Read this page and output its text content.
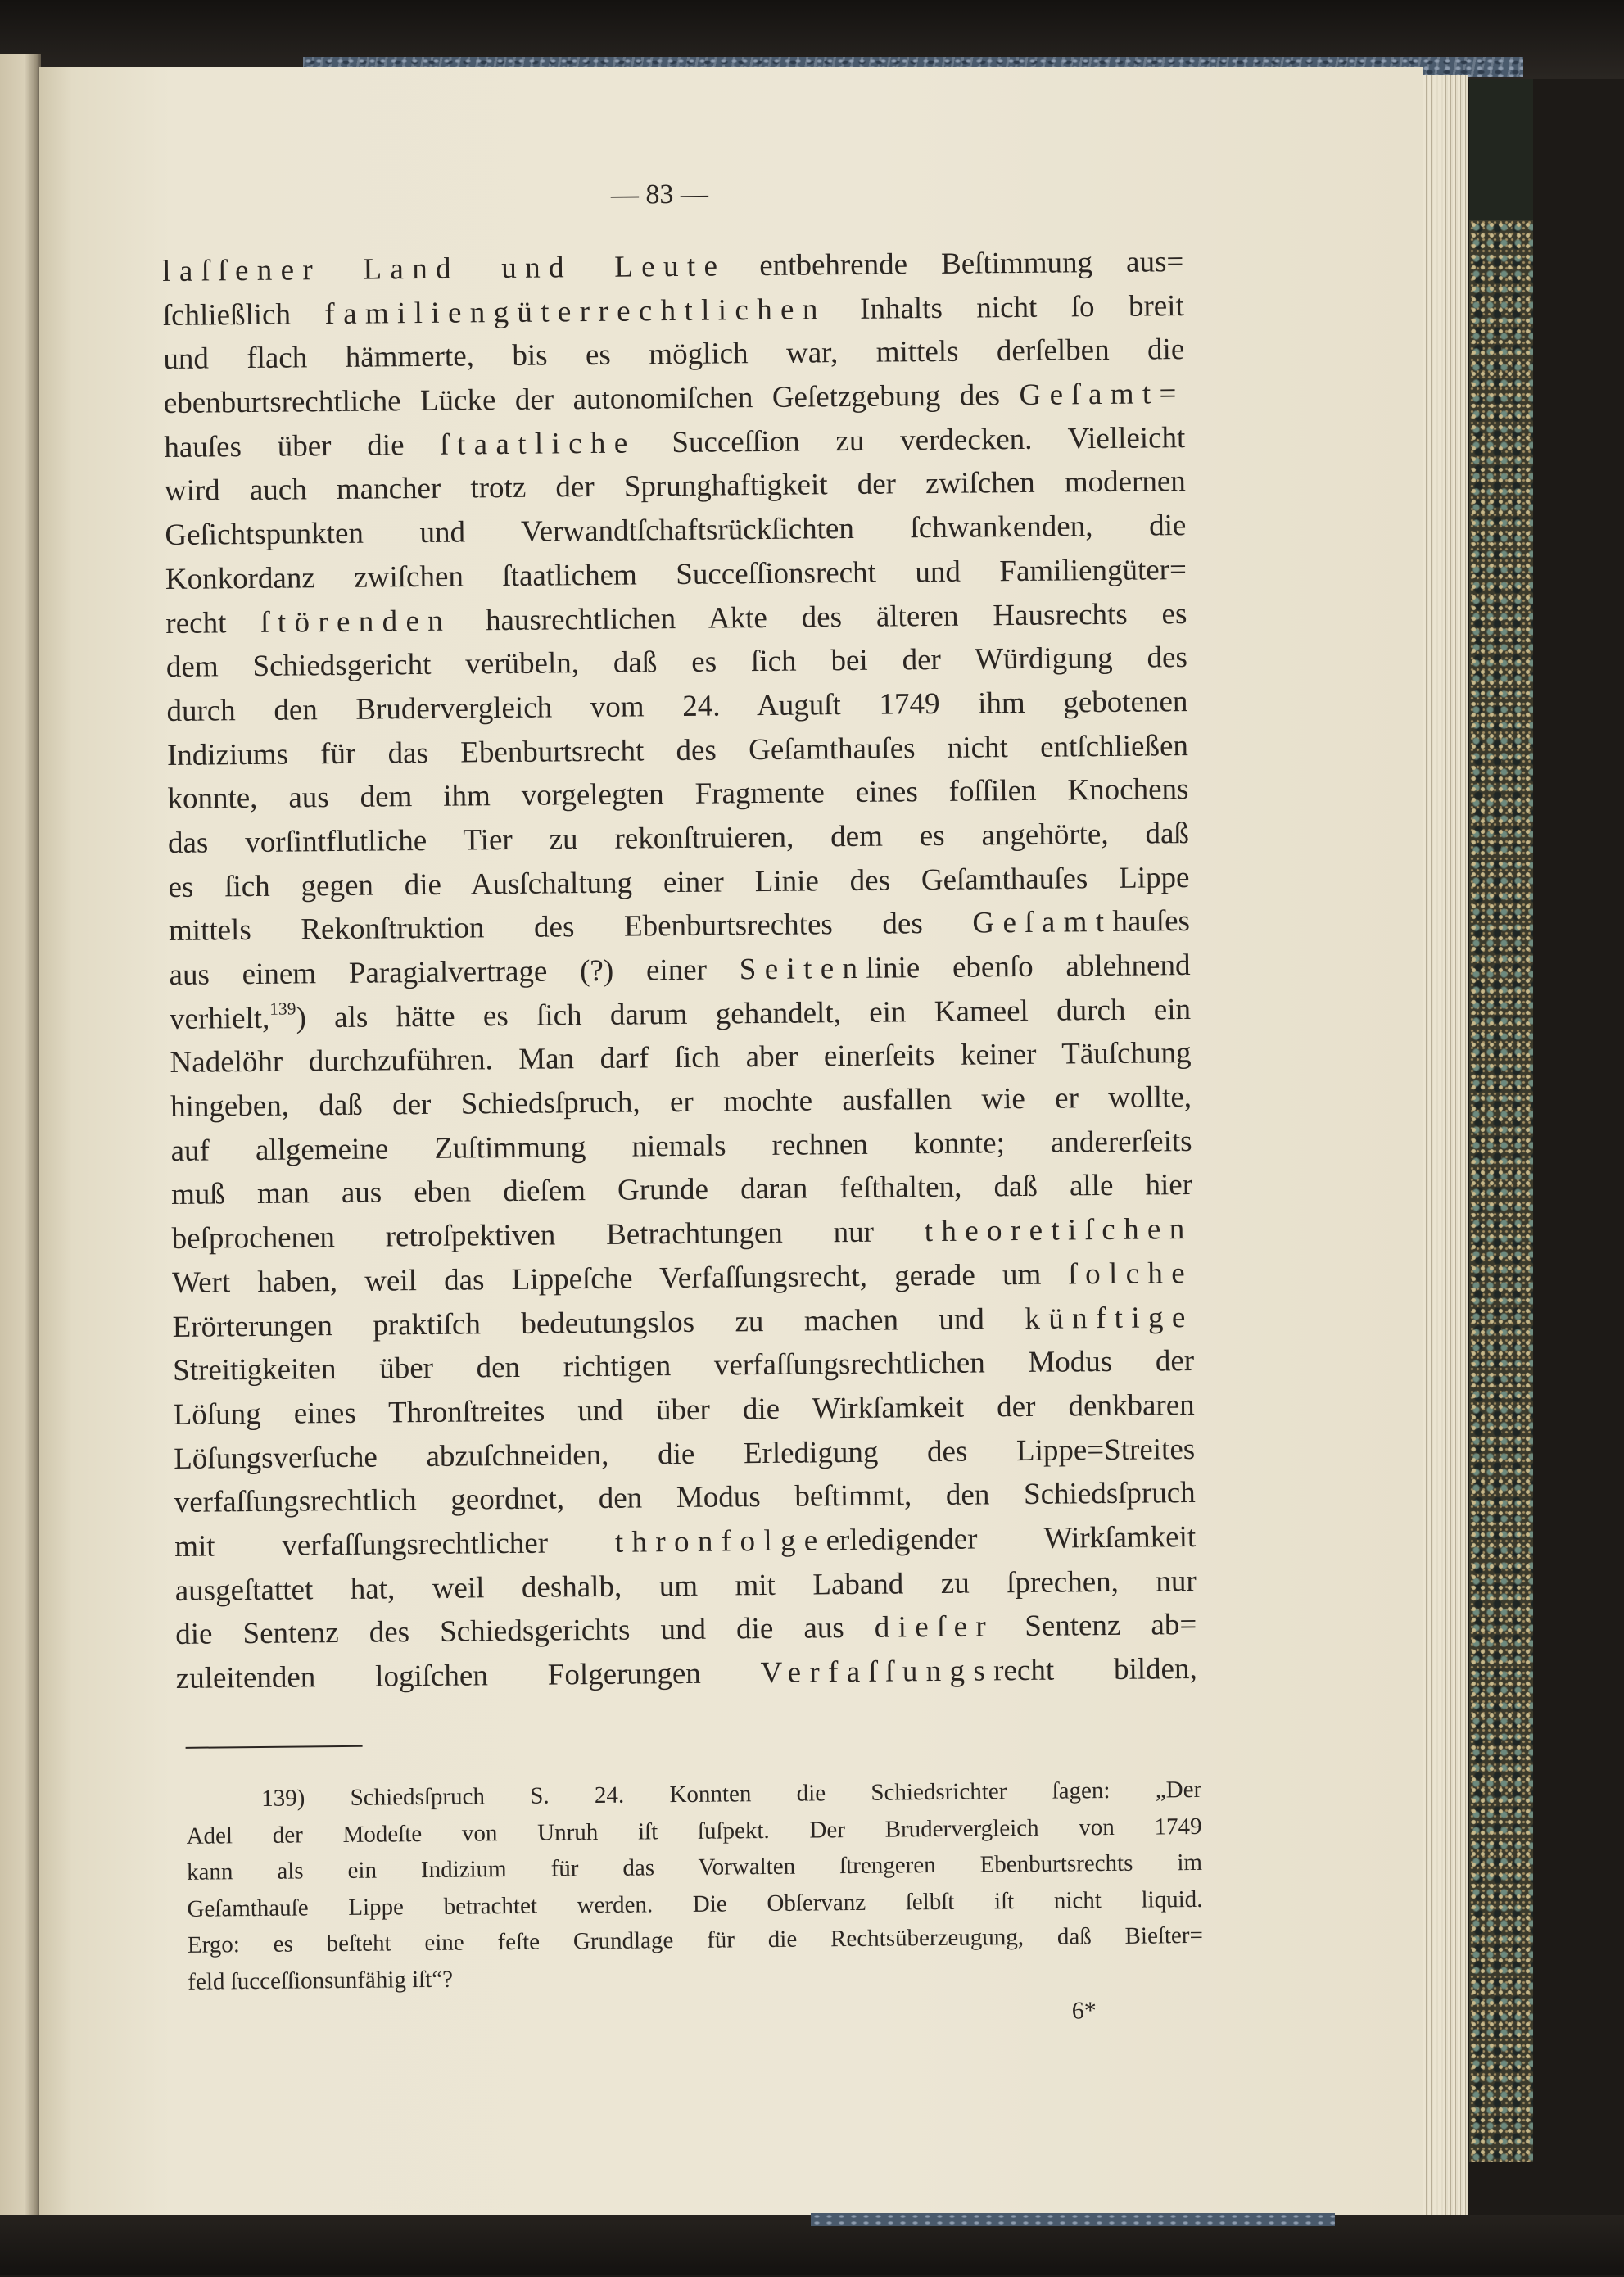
— 83 —
laſſener Land und Leute entbehrende Beſtimmung aus=
ſchließlich familiengüterrechtlichen Inhalts nicht ſo breit
und flach hämmerte, bis es möglich war, mittels derſelben die
ebenburtsrechtliche Lücke der autonomiſchen Geſetzgebung des Geſamt=
hauſes über die ſtaatliche Succeſſion zu verdecken. Vielleicht
wird auch mancher trotz der Sprunghaftigkeit der zwiſchen modernen
Geſichtspunkten und Verwandtſchaftsrückſichten ſchwankenden, die
Konkordanz zwiſchen ſtaatlichem Succeſſionsrecht und Familiengüter=
recht ſtörenden hausrechtlichen Akte des älteren Hausrechts es
dem Schiedsgericht verübeln, daß es ſich bei der Würdigung des
durch den Brudervergleich vom 24. Auguſt 1749 ihm gebotenen
Indiziums für das Ebenburtsrecht des Geſamthauſes nicht entſchließen
konnte, aus dem ihm vorgelegten Fragmente eines foſſilen Knochens
das vorſintflutliche Tier zu rekonſtruieren, dem es angehörte, daß
es ſich gegen die Ausſchaltung einer Linie des Geſamthauſes Lippe
mittels Rekonſtruktion des Ebenburtsrechtes des Geſamthauſes
aus einem Paragialvertrage (?) einer Seitenlinie ebenſo ablehnend
verhielt,$^{139}$) als hätte es ſich darum gehandelt, ein Kameel durch ein
Nadelöhr durchzuführen. Man darf ſich aber einerſeits keiner Täuſchung
hingeben, daß der Schiedsſpruch, er mochte ausfallen wie er wollte,
auf allgemeine Zuſtimmung niemals rechnen konnte; andererſeits
muß man aus eben dieſem Grunde daran feſthalten, daß alle hier
beſprochenen retroſpektiven Betrachtungen nur theoretiſchen
Wert haben, weil das Lippeſche Verfaſſungsrecht, gerade um ſolche
Erörterungen praktiſch bedeutungslos zu machen und künftige
Streitigkeiten über den richtigen verfaſſungsrechtlichen Modus der
Löſung eines Thronſtreites und über die Wirkſamkeit der denkbaren
Löſungsverſuche abzuſchneiden, die Erledigung des Lippe=Streites
verfaſſungsrechtlich geordnet, den Modus beſtimmt, den Schiedsſpruch
mit verfaſſungsrechtlicher thronfolgeerledigender Wirkſamkeit
ausgeſtattet hat, weil deshalb, um mit Laband zu ſprechen, nur
die Sentenz des Schiedsgerichts und die aus dieſer Sentenz ab=
zuleitenden logiſchen Folgerungen Verfaſſungsrecht bilden,
139) Schiedsſpruch S. 24. Konnten die Schiedsrichter ſagen: „Der
Adel der Modeſte von Unruh iſt ſuſpekt. Der Brudervergleich von 1749
kann als ein Indizium für das Vorwalten ſtrengeren Ebenburtsrechts im
Geſamthauſe Lippe betrachtet werden. Die Obſervanz ſelbſt iſt nicht liquid.
Ergo: es beſteht eine feſte Grundlage für die Rechtsüberzeugung, daß Bieſter=
feld ſucceſſionsunfähig iſt“?
6*
